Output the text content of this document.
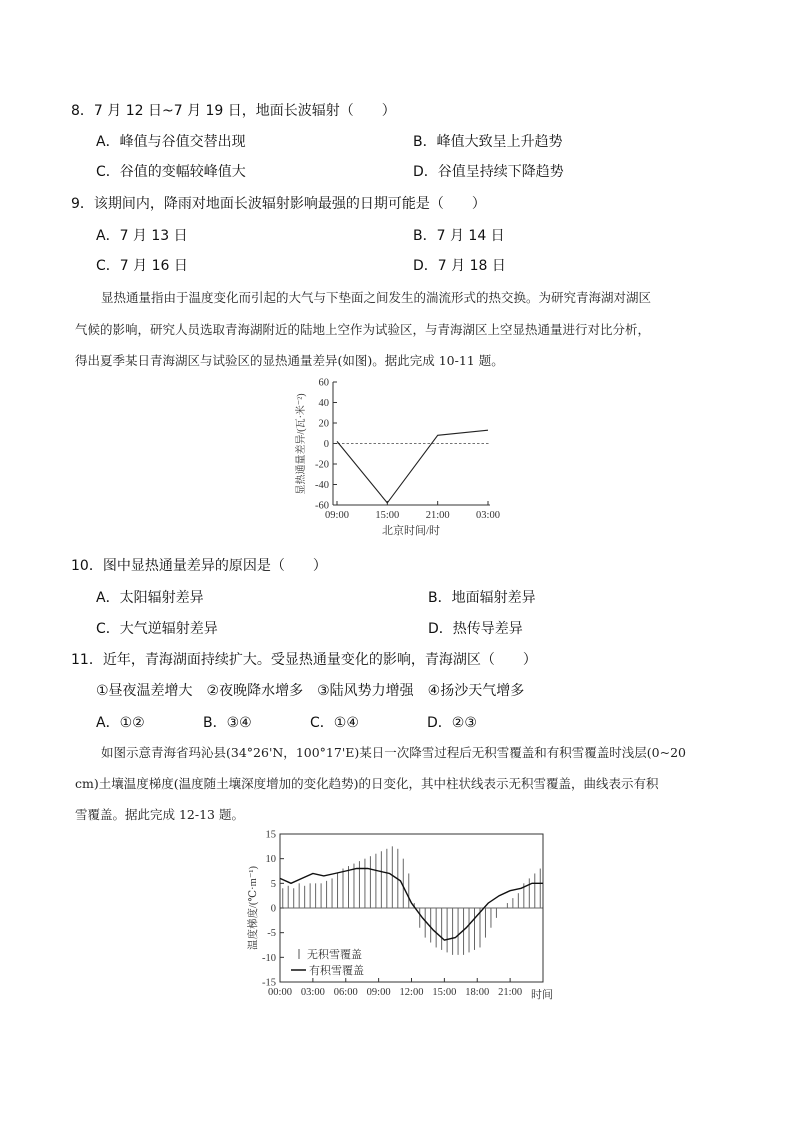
8．7 月 12 日~7 月 19 日，地面长波辐射（　　）
A．峰值与谷值交替出现	B．峰值大致呈上升趋势
C．谷值的变幅较峰值大	D．谷值呈持续下降趋势
9．该期间内，降雨对地面长波辐射影响最强的日期可能是（　　）
A．7 月 13 日	B．7 月 14 日
C．7 月 16 日	D．7 月 18 日
显热通量指由于温度变化而引起的大气与下垫面之间发生的湍流形式的热交换。为研究青海湖对湖区
气候的影响，研究人员选取青海湖附近的陆地上空作为试验区，与青海湖区上空显热通量进行对比分析，
得出夏季某日青海湖区与试验区的显热通量差异(如图)。据此完成 10-11 题。
显热通量差异/(瓦·米⁻²)
北京时间/时
60
40
20
0
-20
-40
-60
09:00	15:00	21:00	03:00
10．图中显热通量差异的原因是（　　）
A．太阳辐射差异	B．地面辐射差异
C．大气逆辐射差异	D．热传导差异
11．近年，青海湖面持续扩大。受显热通量变化的影响，青海湖区（　　）
①昼夜温差增大　②夜晚降水增多　③陆风势力增强　④扬沙天气增多
A．①②	B．③④	C．①④	D．②③
如图示意青海省玛沁县(34°26'N，100°17'E)某日一次降雪过程后无积雪覆盖和有积雪覆盖时浅层(0~20
cm)土壤温度梯度(温度随土壤深度增加的变化趋势)的日变化，其中柱状线表示无积雪覆盖，曲线表示有积
雪覆盖。据此完成 12-13 题。
温度梯度/(℃·m⁻¹)
时间
无积雪覆盖
有积雪覆盖
15
10
5
0
-5
-10
-15
00:00 03:00 06:00 09:00 12:00 15:00 18:00 21:00
